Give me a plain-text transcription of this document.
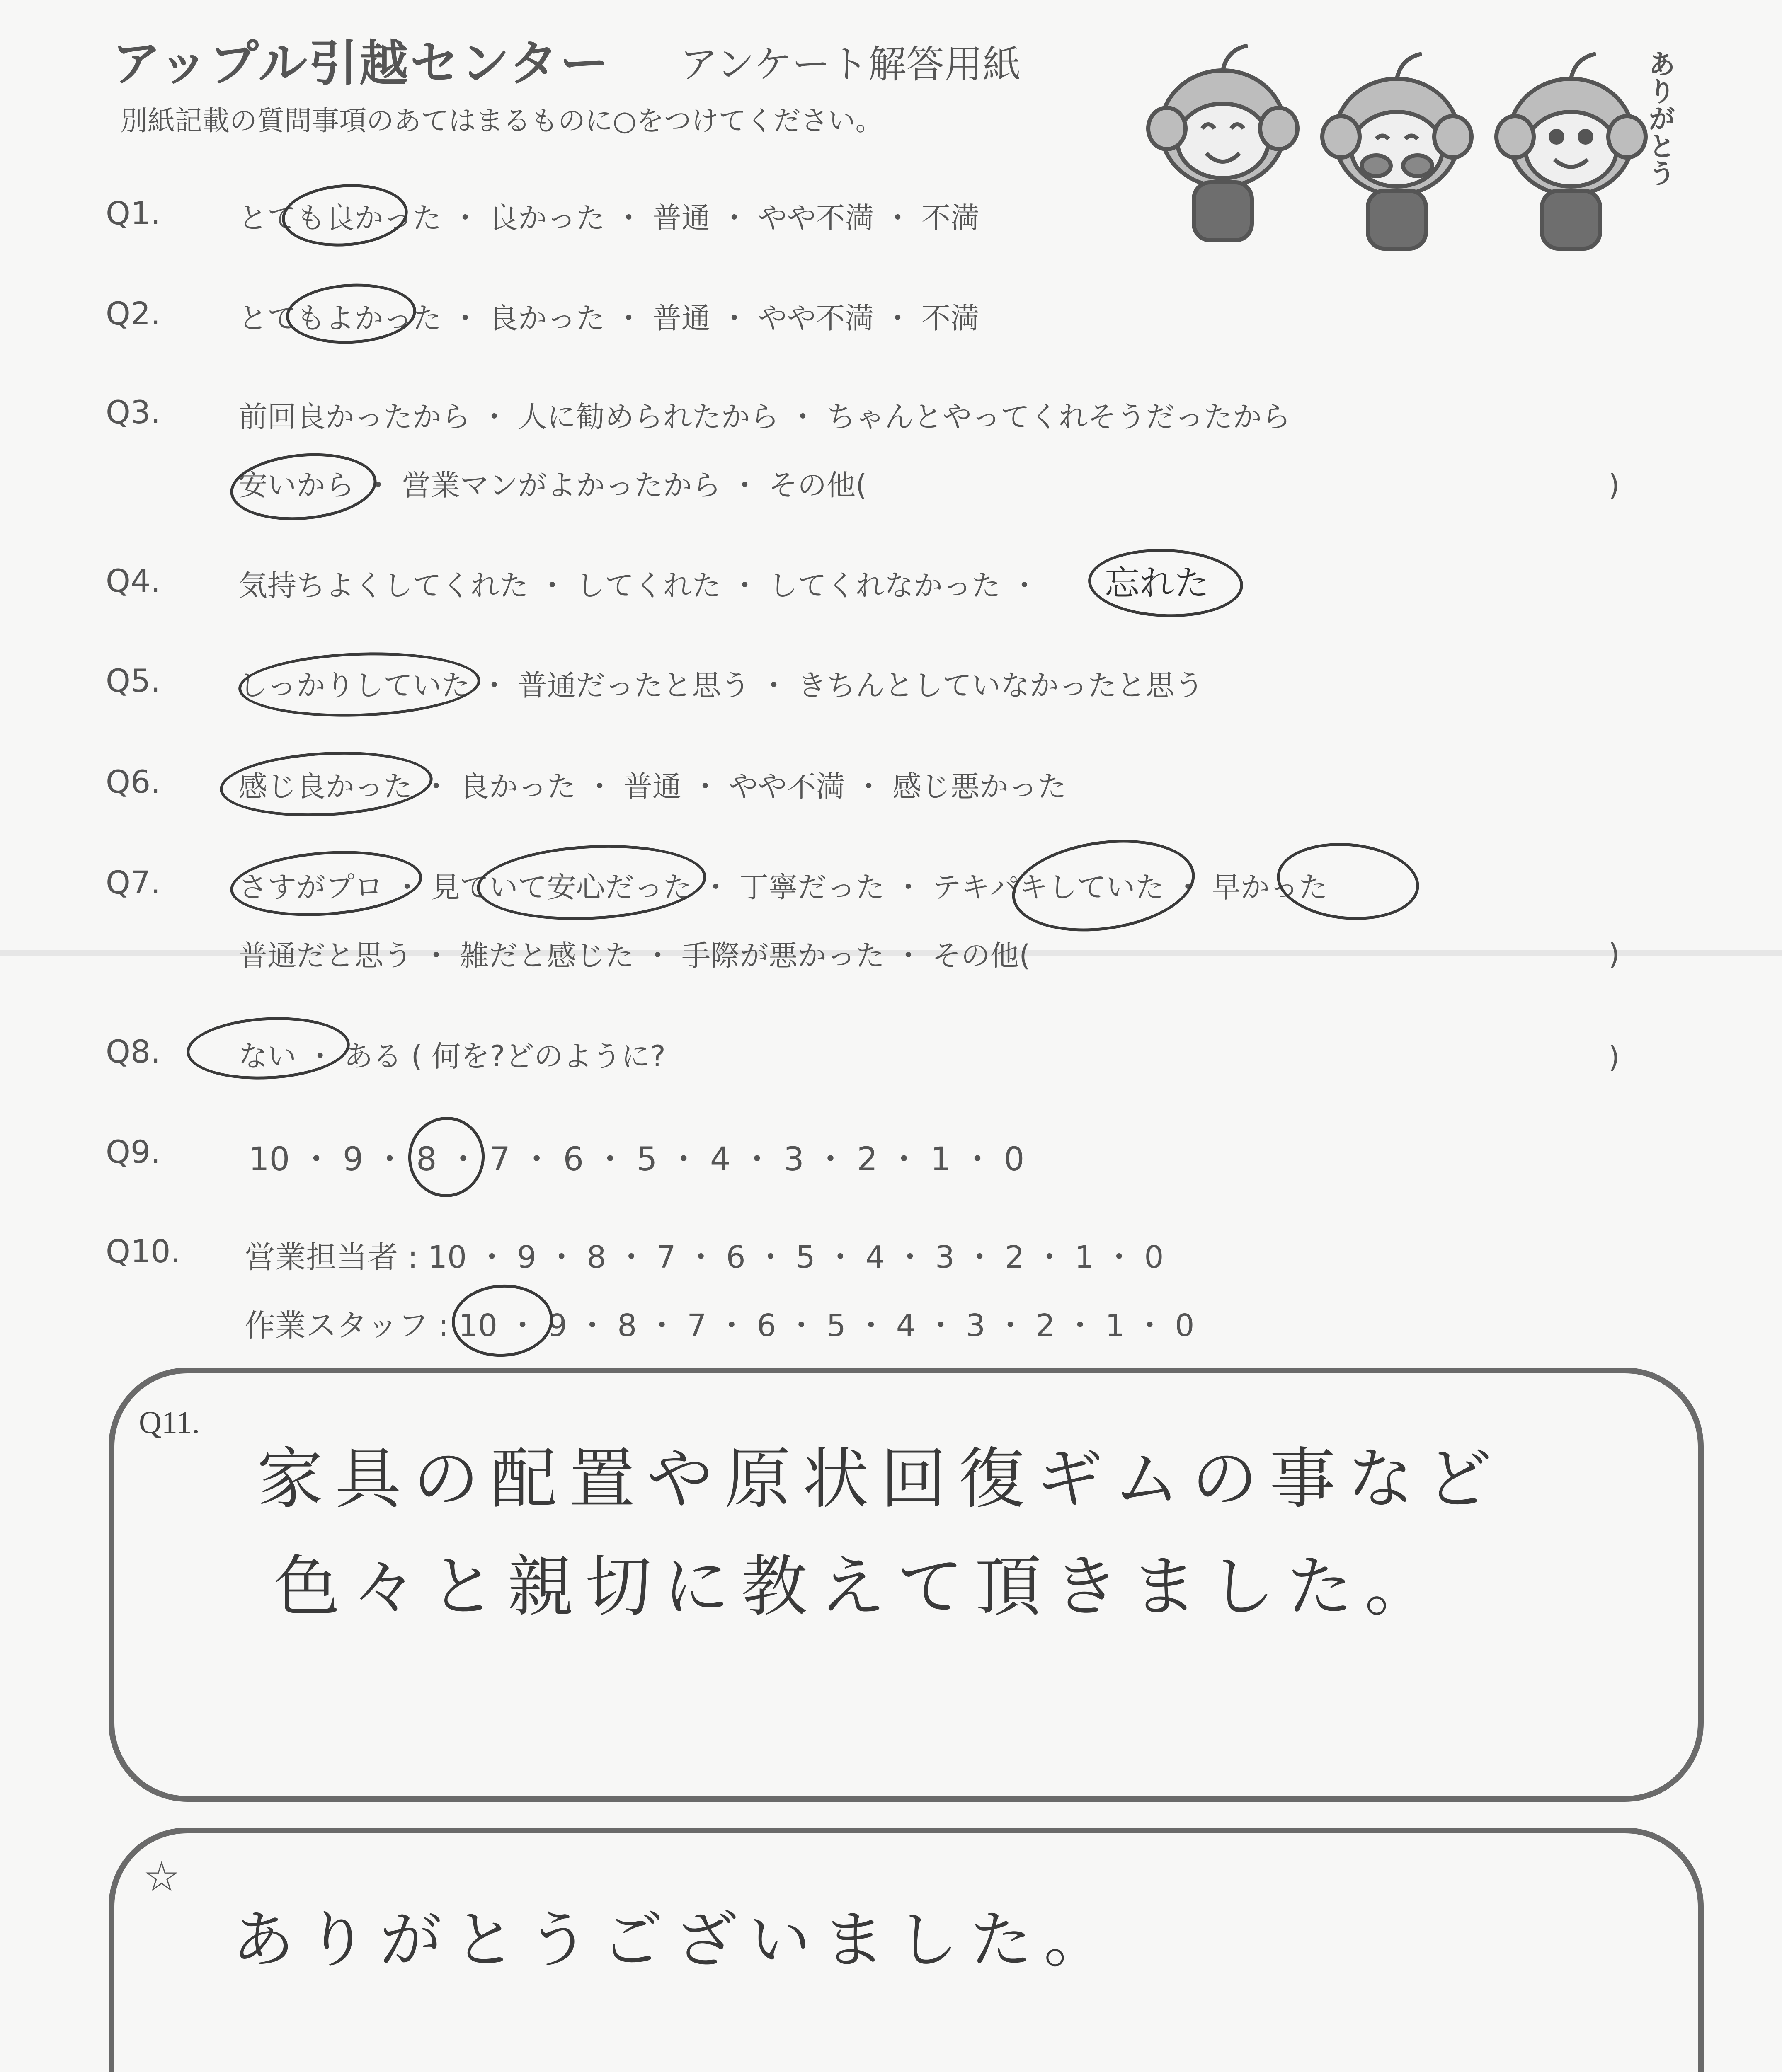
アップル引越センター アンケート解答用紙
別紙記載の質問事項のあてはまるものに○をつけてください。	ありがとう
Q1.	とても良かった ・ 良かった ・ 普通 ・ やや不満 ・ 不満
Q2.	とてもよかった ・ 良かった ・ 普通 ・ やや不満 ・ 不満
Q3.	前回良かったから ・ 人に勧められたから ・ ちゃんとやってくれそうだったから
安いから ・ 営業マンがよかったから ・ その他(	)
Q4.	気持ちよくしてくれた ・ してくれた ・ してくれなかった ・ 忘れた
Q5.	しっかりしていた ・ 普通だったと思う ・ きちんとしていなかったと思う
Q6.	感じ良かった ・ 良かった ・ 普通 ・ やや不満 ・ 感じ悪かった
Q7.	さすがプロ ・ 見ていて安心だった ・ 丁寧だった ・ テキパキしていた ・ 早かった
普通だと思う ・ 雑だと感じた ・ 手際が悪かった ・ その他(	)
Q8.	ない ・ ある ( 何を?どのように?	)
Q9.	10 ・ 9 ・ 8 ・ 7 ・ 6 ・ 5 ・ 4 ・ 3 ・ 2 ・ 1 ・ 0
Q10. 営業担当者 : 10 ・ 9 ・ 8 ・ 7 ・ 6 ・ 5 ・ 4 ・ 3 ・ 2 ・ 1 ・ 0
作業スタッフ : 10 ・ 9 ・ 8 ・ 7 ・ 6 ・ 5 ・ 4 ・ 3 ・ 2 ・ 1 ・ 0
Q11.
家具の配置や原状回復ギムの事など
色々と親切に教えて頂きました。
☆
ありがとうございました。
